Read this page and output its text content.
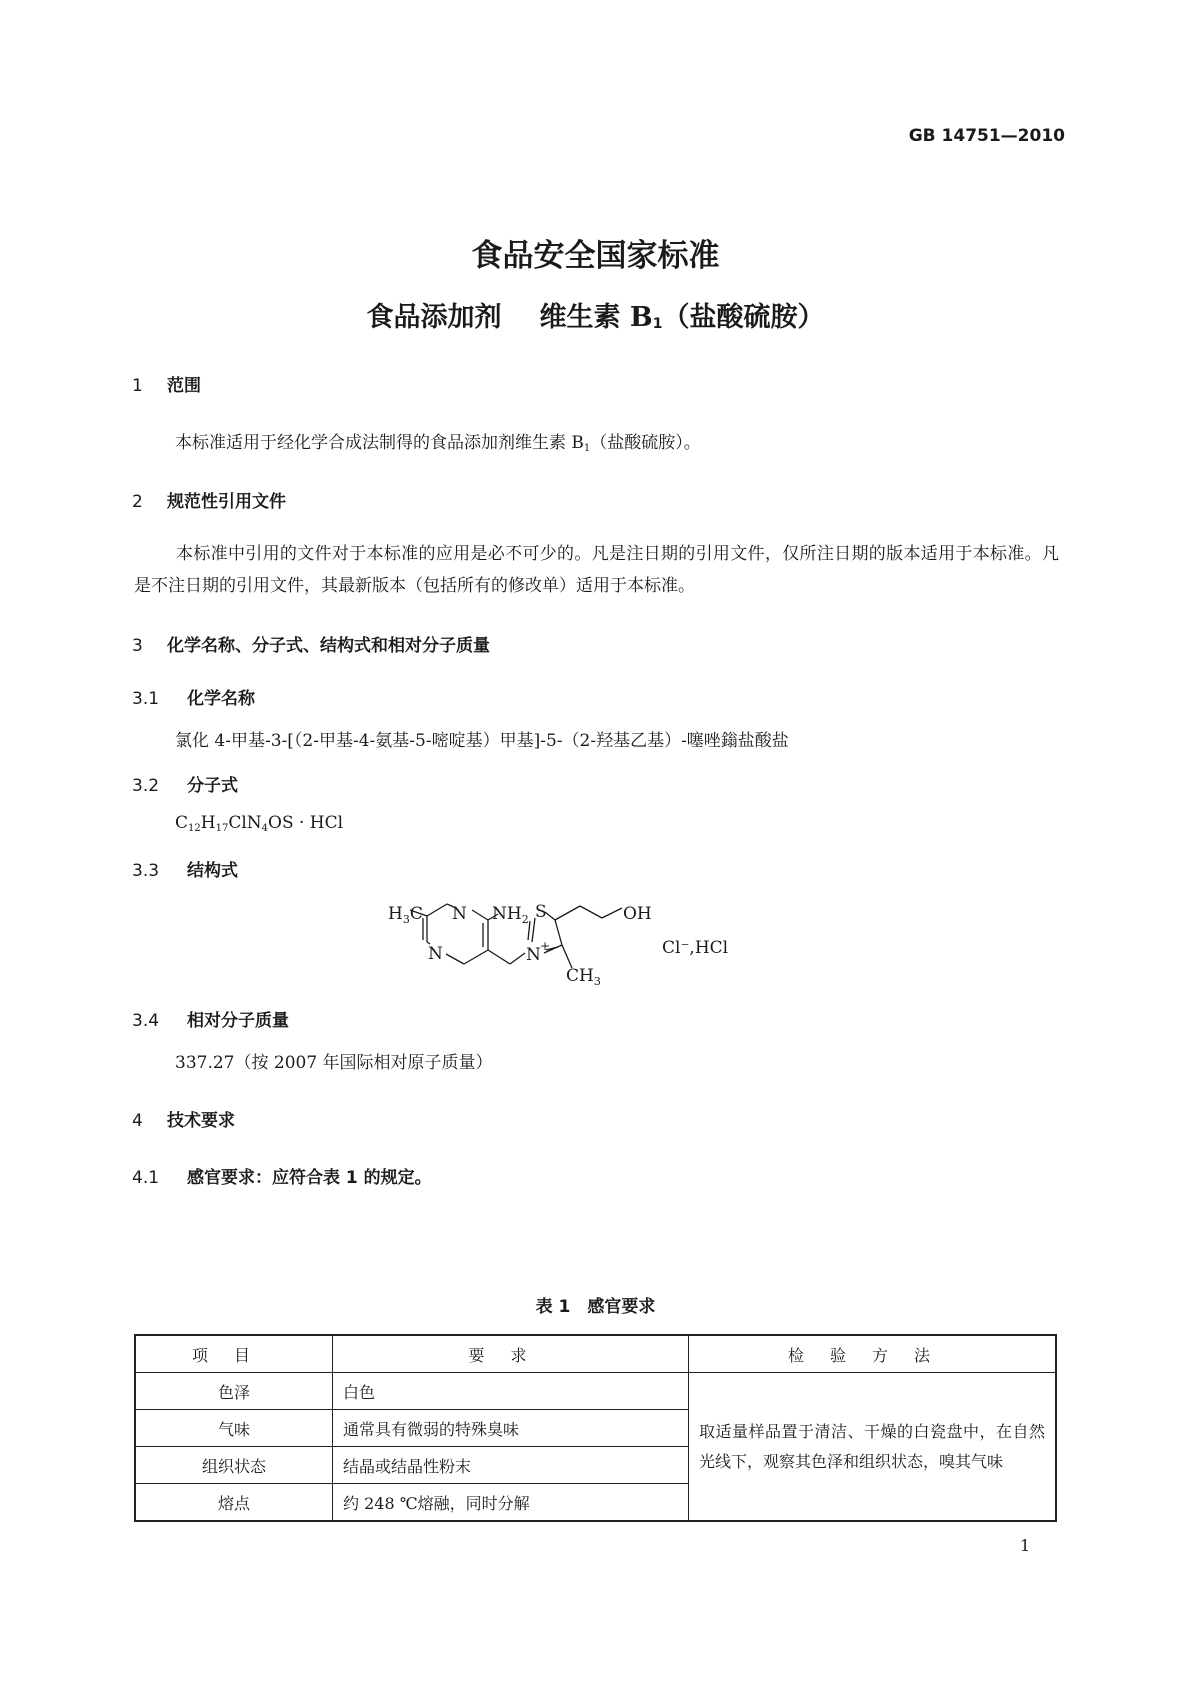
GB 14751—2010
食品安全国家标准
食品添加剂 维生素 $B_1$（盐酸硫胺）
1 范围
本标准适用于经化学合成法制得的食品添加剂维生素 $B_1$（盐酸硫胺）。
2 规范性引用文件
本标准中引用的文件对于本标准的应用是必不可少的。凡是注日期的引用文件，仅所注日期的版本适用于本标准。凡是不注日期的引用文件，其最新版本（包括所有的修改单）适用于本标准。
3 化学名称、分子式、结构式和相对分子质量
3.1 化学名称
氯化 4-甲基-3-[（2-甲基-4-氨基-5-嘧啶基）甲基]-5-（2-羟基乙基）-噻唑鎓盐酸盐
3.2 分子式
$C_{12}H_{17}ClN_4OS$ · HCl
3.3 结构式
$H_3C$ N $NH_2$ S	OH
N	N +
$CH_3$
Cl⁻,HCl
3.4 相对分子质量
337.27（按 2007 年国际相对原子质量）
4 技术要求
4.1 感官要求：应符合表 1 的规定。
表 1　感官要求
项目	要求	检验方法
色泽	白色	取适量样品置于清洁、干燥的白瓷盘中，在自然光线下，观察其色泽和组织状态，嗅其气味
气味	通常具有微弱的特殊臭味	
组织状态	结晶或结晶性粉末	
熔点	约 248 ℃熔融，同时分解	
1
